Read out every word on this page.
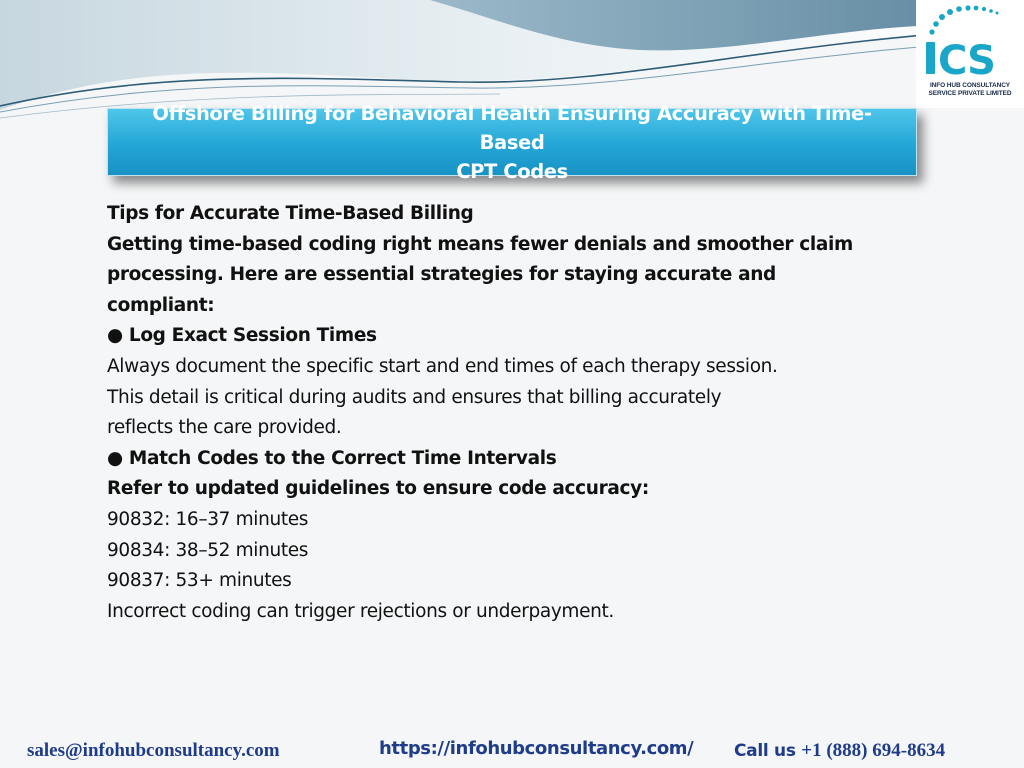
CS
INFO HUB CONSULTANCY
SERVICE PRIVATE LIMITED
Offshore Billing for Behavioral Health Ensuring Accuracy with Time-Based
CPT Codes
Tips for Accurate Time-Based Billing
Getting time-based coding right means fewer denials and smoother claim
processing. Here are essential strategies for staying accurate and
compliant:
● Log Exact Session Times
Always document the specific start and end times of each therapy session.
This detail is critical during audits and ensures that billing accurately
reflects the care provided.
● Match Codes to the Correct Time Intervals
Refer to updated guidelines to ensure code accuracy:
90832: 16–37 minutes
90834: 38–52 minutes
90837: 53+ minutes
Incorrect coding can trigger rejections or underpayment.
sales@infohubconsultancy.com	https://infohubconsultancy.com/ Call us +1 (888) 694-8634
